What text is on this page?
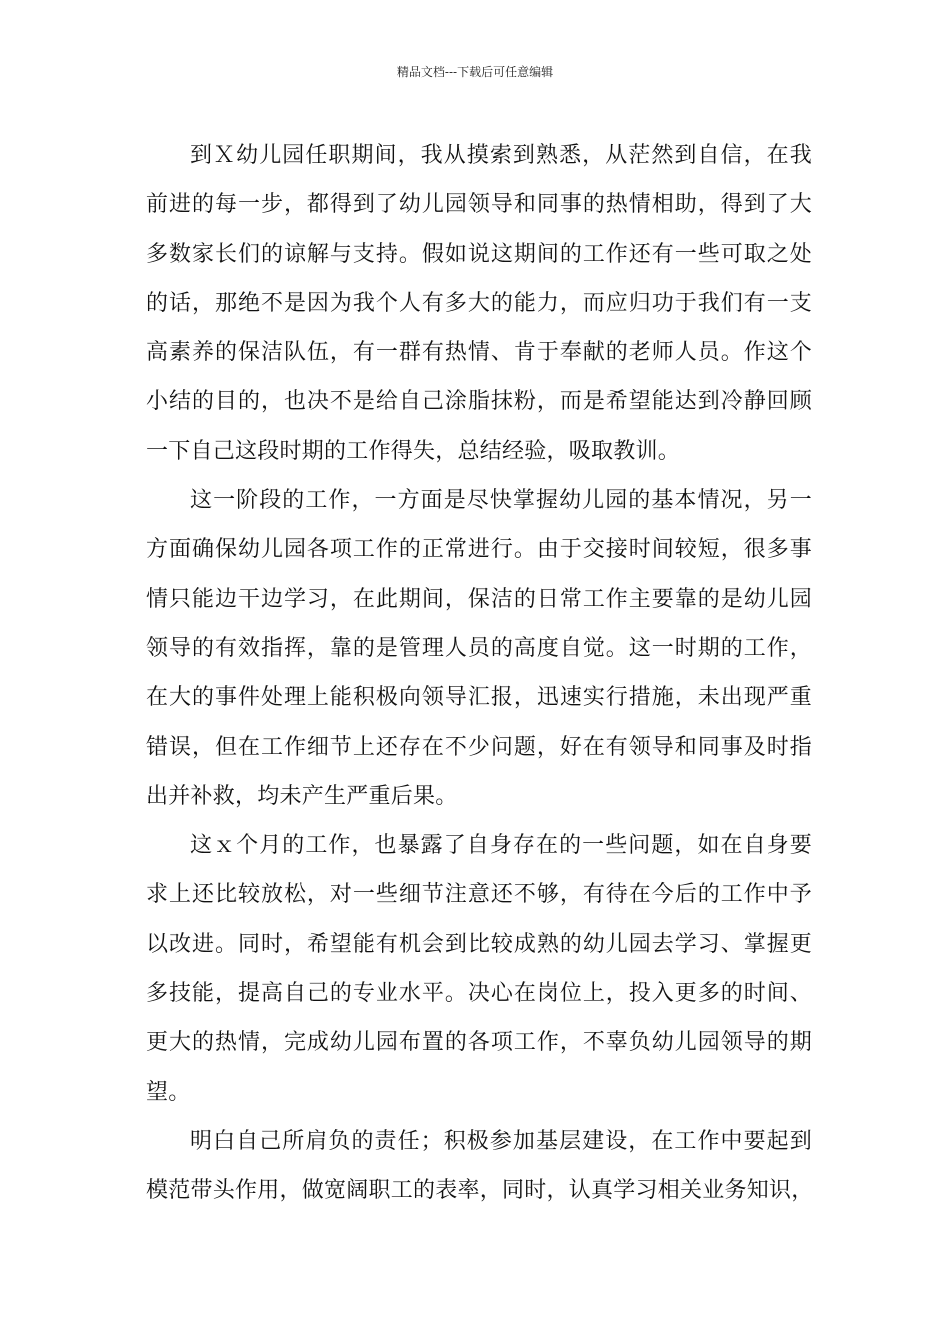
精品文档---下载后可任意编辑
到Ｘ幼儿园任职期间，我从摸索到熟悉，从茫然到自信，在我
前进的每一步，都得到了幼儿园领导和同事的热情相助，得到了大
多数家长们的谅解与支持。假如说这期间的工作还有一些可取之处
的话，那绝不是因为我个人有多大的能力，而应归功于我们有一支
高素养的保洁队伍，有一群有热情、肯于奉献的老师人员。作这个
小结的目的，也决不是给自己涂脂抹粉，而是希望能达到冷静回顾
一下自己这段时期的工作得失，总结经验，吸取教训。
这一阶段的工作，一方面是尽快掌握幼儿园的基本情况，另一
方面确保幼儿园各项工作的正常进行。由于交接时间较短，很多事
情只能边干边学习，在此期间，保洁的日常工作主要靠的是幼儿园
领导的有效指挥，靠的是管理人员的高度自觉。这一时期的工作，
在大的事件处理上能积极向领导汇报，迅速实行措施，未出现严重
错误，但在工作细节上还存在不少问题，好在有领导和同事及时指
出并补救，均未产生严重后果。
这ｘ个月的工作，也暴露了自身存在的一些问题，如在自身要
求上还比较放松，对一些细节注意还不够，有待在今后的工作中予
以改进。同时，希望能有机会到比较成熟的幼儿园去学习、掌握更
多技能，提高自己的专业水平。决心在岗位上，投入更多的时间、
更大的热情，完成幼儿园布置的各项工作，不辜负幼儿园领导的期
望。
明白自己所肩负的责任；积极参加基层建设，在工作中要起到
模范带头作用，做宽阔职工的表率，同时，认真学习相关业务知识，
